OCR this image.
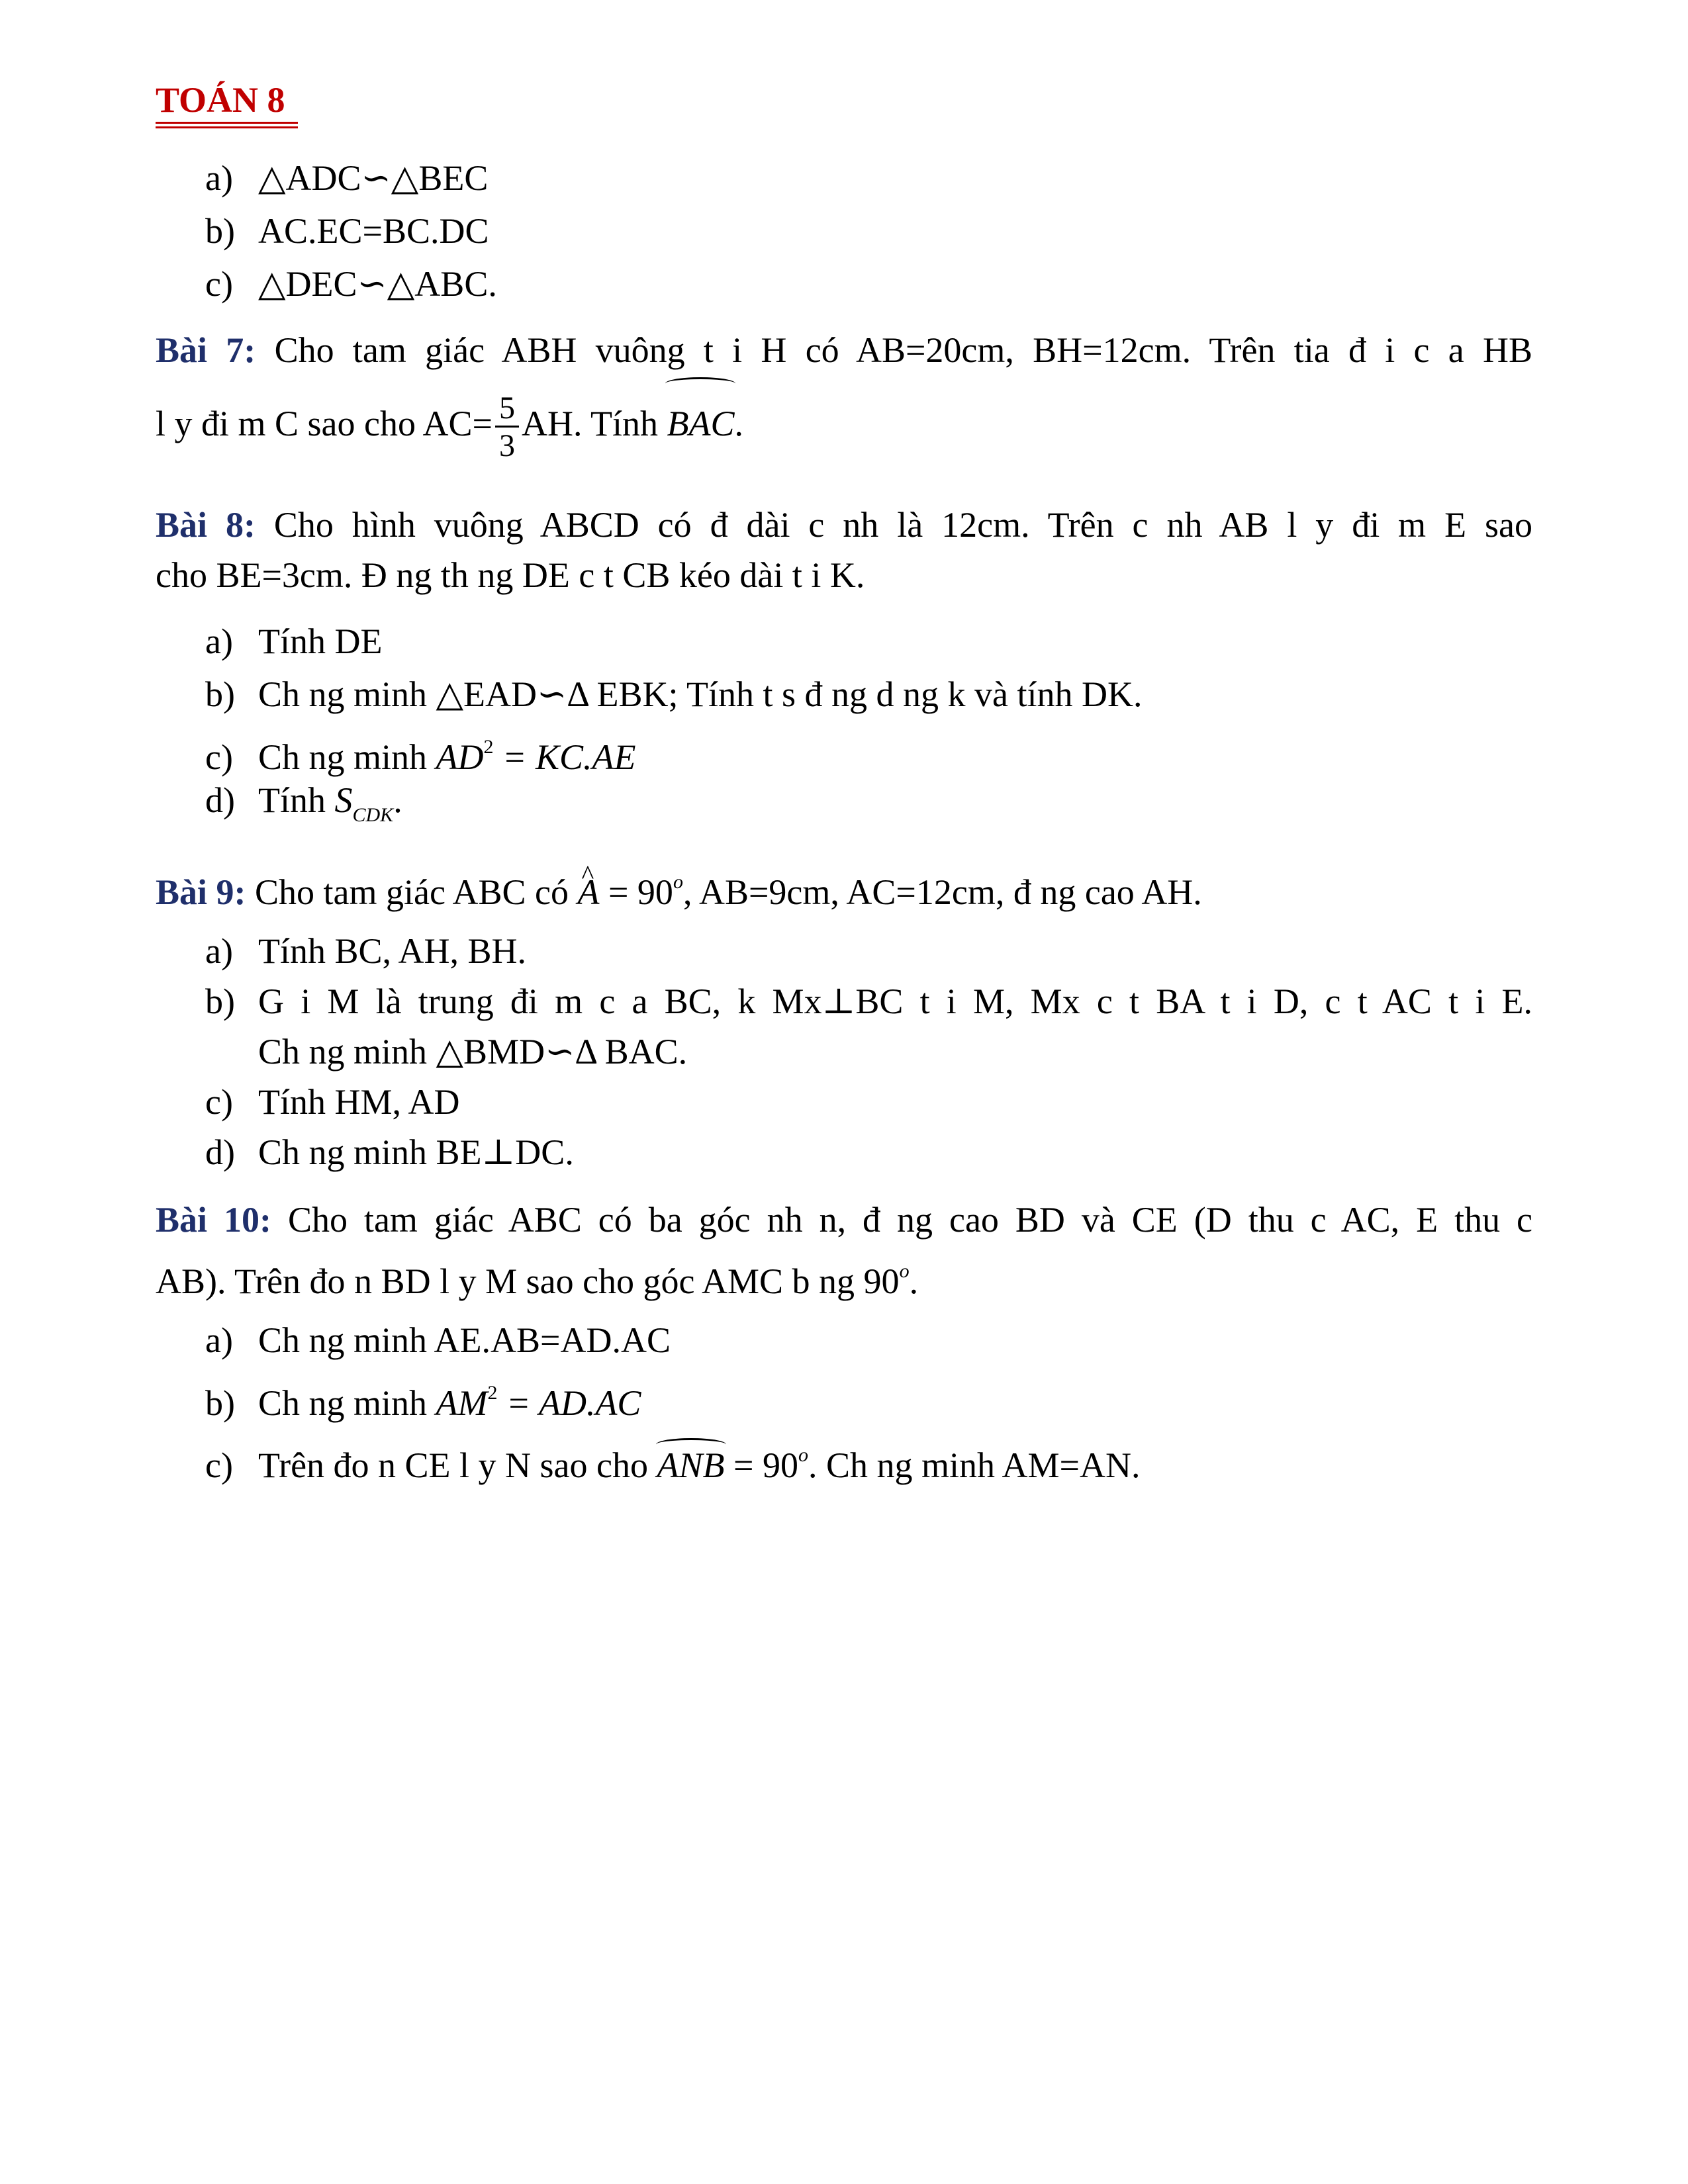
TOÁN 8
a) △ADC∽△BEC
b) AC.EC=BC.DC
c) △DEC∽△ABC.
Bài 7: Cho tam giác ABH vuông t i H có AB=20cm, BH=12cm. Trên tia đ i c a HB
l y đi m C sao cho $AC= \frac{5}{3}$ AH. Tính BAC.
Bài 8: Cho hình vuông ABCD có đ dài c nh là 12cm. Trên c nh AB l y đi m E sao
cho BE=3cm. Đ ng th ng DE c t CB kéo dài t i K.
a) Tính DE
b) Ch ng minh △EAD∽Δ EBK; Tính t s đ ng d ng k và tính DK.
c) Ch ng minh $AD^2 = KC.AE$
d) Tính $S_{CDK}$.
Bài 9: Cho tam giác ABC có ^ $A = 90^o$, AB=9cm, AC=12cm, đ ng cao AH.
a) Tính BC, AH, BH.
b) G i M là trung đi m c a BC, k Mx⊥BC t i M, Mx c t BA t i D, c t AC t i E.
Ch ng minh △BMD∽Δ BAC.
c) Tính HM, AD
d) Ch ng minh BE⊥DC.
Bài 10: Cho tam giác ABC có ba góc nh n, đ ng cao BD và CE (D thu c AC, E thu c
AB). Trên đo n BD l y M sao cho góc AMC b ng 90$^o$.
a) Ch ng minh AE.AB=AD.AC
b) Ch ng minh $AM^2 = AD.AC$
c) Trên đo n CE l y N sao cho ANB = $90^o$. Ch ng minh AM=AN.
